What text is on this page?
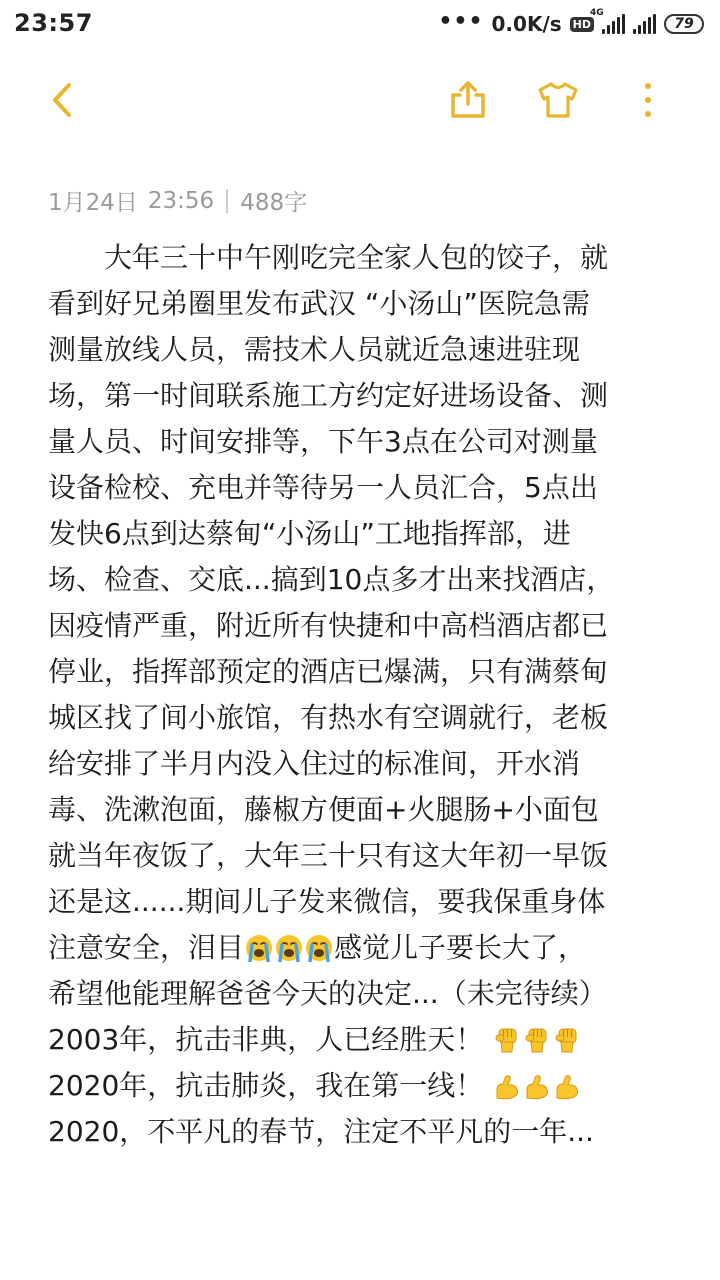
23:57	••• 0.0K/s HD
4G
79
1月24日 23:56 488字
大年三十中午刚吃完全家人包的饺子，就
看到好兄弟圈里发布武汉 “小汤山”医院急需
测量放线人员，需技术人员就近急速进驻现
场，第一时间联系施工方约定好进场设备、测
量人员、时间安排等，下午3点在公司对测量
设备检校、充电并等待另一人员汇合，5点出
发快6点到达蔡甸“小汤山”工地指挥部，进
场、检查、交底...搞到10点多才出来找酒店，
因疫情严重，附近所有快捷和中高档酒店都已
停业，指挥部预定的酒店已爆满，只有满蔡甸
城区找了间小旅馆，有热水有空调就行，老板
给安排了半月内没入住过的标准间，开水消
毒、洗漱泡面，藤椒方便面+火腿肠+小面包
就当年夜饭了，大年三十只有这大年初一早饭
还是这......期间儿子发来微信，要我保重身体
注意安全，泪目	感觉儿子要长大了，
希望他能理解爸爸今天的决定...（未完待续）
2003年，抗击非典，人已经胜天！
2020年，抗击肺炎，我在第一线！
2020，不平凡的春节，注定不平凡的一年...
